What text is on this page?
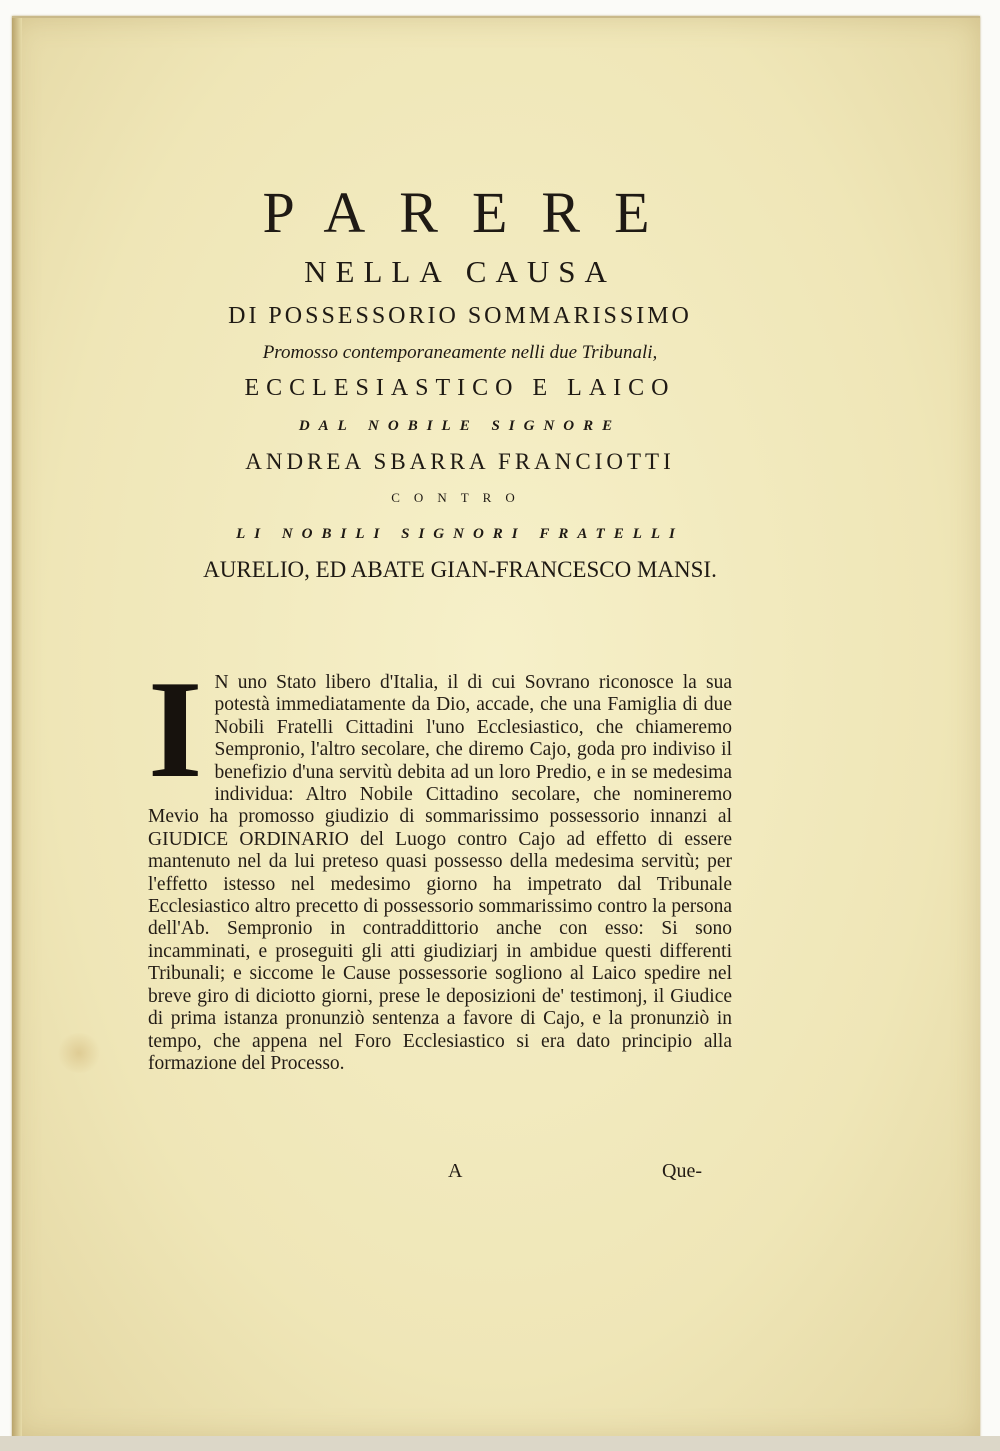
PARERE
NELLA CAUSA
DI POSSESSORIO SOMMARISSIMO
Promosso contemporaneamente nelli due Tribunali,
ECCLESIASTICO E LAICO
DAL NOBILE SIGNORE
ANDREA SBARRA FRANCIOTTI
CONTRO
LI NOBILI SIGNORI FRATELLI
AURELIO, ED ABATE GIAN-FRANCESCO MANSI.
I N uno Stato libero d'Italia, il di cui Sovrano riconosce la sua potestà immediatamente da Dio, accade, che una Famiglia di due Nobili Fratelli Cittadini l'uno Ecclesiastico, che chiameremo Sempronio, l'altro secolare, che diremo Cajo, goda pro indiviso il benefizio d'una servitù debita ad un loro Predio, e in se medesima individua: Altro Nobile Cittadino secolare, che nomineremo Mevio ha promosso giudizio di sommarissimo possessorio innanzi al GIUDICE ORDINARIO del Luogo contro Cajo ad effetto di essere mantenuto nel da lui preteso quasi possesso della medesima servitù; per l'effetto istesso nel medesimo giorno ha impetrato dal Tribunale Ecclesiastico altro precetto di possessorio sommarissimo contro la persona dell'Ab. Sempronio in contraddittorio anche con esso: Si sono incamminati, e proseguiti gli atti giudiziarj in ambidue questi differenti Tribunali; e siccome le Cause possessorie sogliono al Laico spedire nel breve giro di diciotto giorni, prese le deposizioni de' testimonj, il Giudice di prima istanza pronunziò sentenza a favore di Cajo, e la pronunziò in tempo, che appena nel Foro Ecclesiastico si era dato principio alla formazione del Processo.

A	Que-
